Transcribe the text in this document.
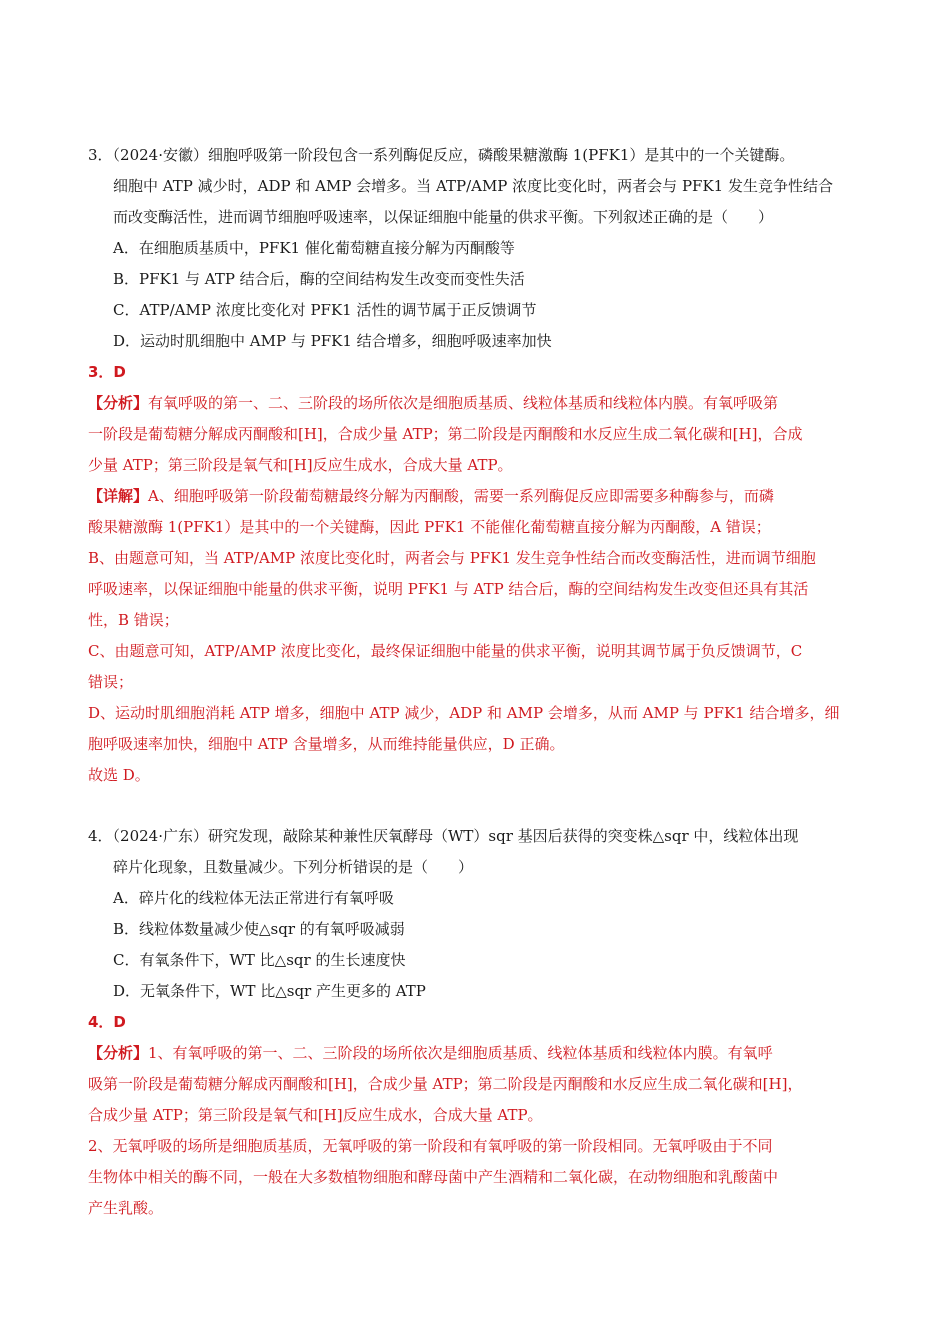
3．（2024·安徽）细胞呼吸第一阶段包含一系列酶促反应，磷酸果糖激酶 1(PFK1）是其中的一个关键酶。

细胞中 ATP 减少时，ADP 和 AMP 会增多。当 ATP/AMP 浓度比变化时，两者会与 PFK1 发生竞争性结合

而改变酶活性，进而调节细胞呼吸速率，以保证细胞中能量的供求平衡。下列叙述正确的是（　　）

A．在细胞质基质中，PFK1 催化葡萄糖直接分解为丙酮酸等

B．PFK1 与 ATP 结合后，酶的空间结构发生改变而变性失活

C．ATP/AMP 浓度比变化对 PFK1 活性的调节属于正反馈调节

D．运动时肌细胞中 AMP 与 PFK1 结合增多，细胞呼吸速率加快

3．D

【分析】有氧呼吸的第一、二、三阶段的场所依次是细胞质基质、线粒体基质和线粒体内膜。有氧呼吸第

一阶段是葡萄糖分解成丙酮酸和[H]，合成少量 ATP；第二阶段是丙酮酸和水反应生成二氧化碳和[H]，合成

少量 ATP；第三阶段是氧气和[H]反应生成水，合成大量 ATP。

【详解】A、细胞呼吸第一阶段葡萄糖最终分解为丙酮酸，需要一系列酶促反应即需要多种酶参与，而磷

酸果糖激酶 1(PFK1）是其中的一个关键酶，因此 PFK1 不能催化葡萄糖直接分解为丙酮酸，A 错误；

B、由题意可知，当 ATP/AMP 浓度比变化时，两者会与 PFK1 发生竞争性结合而改变酶活性，进而调节细胞

呼吸速率，以保证细胞中能量的供求平衡，说明 PFK1 与 ATP 结合后，酶的空间结构发生改变但还具有其活

性，B 错误；

C、由题意可知，ATP/AMP 浓度比变化，最终保证细胞中能量的供求平衡，说明其调节属于负反馈调节，C

错误；

D、运动时肌细胞消耗 ATP 增多，细胞中 ATP 减少，ADP 和 AMP 会增多，从而 AMP 与 PFK1 结合增多，细

胞呼吸速率加快，细胞中 ATP 含量增多，从而维持能量供应，D 正确。

故选 D。

4．（2024·广东）研究发现，敲除某种兼性厌氧酵母（WT）sqr 基因后获得的突变株△sqr 中，线粒体出现

碎片化现象，且数量减少。下列分析错误的是（　　）

A．碎片化的线粒体无法正常进行有氧呼吸

B．线粒体数量减少使△sqr 的有氧呼吸减弱

C．有氧条件下，WT 比△sqr 的生长速度快

D．无氧条件下，WT 比△sqr 产生更多的 ATP

4．D

【分析】1、有氧呼吸的第一、二、三阶段的场所依次是细胞质基质、线粒体基质和线粒体内膜。有氧呼

吸第一阶段是葡萄糖分解成丙酮酸和[H]，合成少量 ATP；第二阶段是丙酮酸和水反应生成二氧化碳和[H]，

合成少量 ATP；第三阶段是氧气和[H]反应生成水，合成大量 ATP。

2、无氧呼吸的场所是细胞质基质，无氧呼吸的第一阶段和有氧呼吸的第一阶段相同。无氧呼吸由于不同

生物体中相关的酶不同，一般在大多数植物细胞和酵母菌中产生酒精和二氧化碳，在动物细胞和乳酸菌中

产生乳酸。
